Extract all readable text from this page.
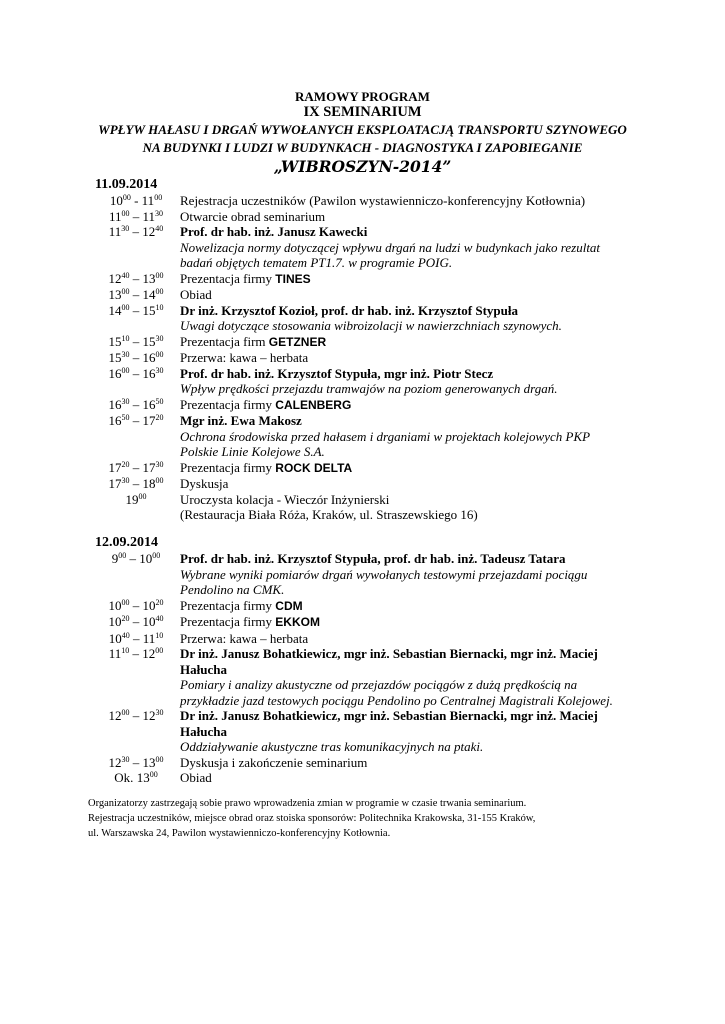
RAMOWY PROGRAM
IX SEMINARIUM
WPŁYW HAŁASU I DRGAŃ WYWOŁANYCH EKSPLOATACJĄ TRANSPORTU SZYNOWEGO
NA BUDYNKI I LUDZI W BUDYNKACH - DIAGNOSTYKA I ZAPOBIEGANIE
„WIBROSZYN-2014”
11.09.2014
$10^{00} - 11^{00}$	Rejestracja uczestników (Pawilon wystawienniczo-konferencyjny Kotłownia)
$11^{00} - 11^{30}$	Otwarcie obrad seminarium
$11^{30} - 12^{40}$	Prof. dr hab. inż. Janusz Kawecki
Nowelizacja normy dotyczącej wpływu drgań na ludzi w budynkach jako rezultat
badań objętych tematem PT1.7. w programie POIG.
$12^{40} - 13^{00}$	Prezentacja firmy TINES
$13^{00} - 14^{00}$	Obiad
$14^{00} - 15^{10}$	Dr inż. Krzysztof Kozioł, prof. dr hab. inż. Krzysztof Stypuła
Uwagi dotyczące stosowania wibroizolacji w nawierzchniach szynowych.
$15^{10} - 15^{30}$	Prezentacja firm GETZNER
$15^{30} - 16^{00}$	Przerwa: kawa – herbata
$16^{00} - 16^{30}$	Prof. dr hab. inż. Krzysztof Stypuła, mgr inż. Piotr Stecz
Wpływ prędkości przejazdu tramwajów na poziom generowanych drgań.
$16^{30} - 16^{50}$	Prezentacja firmy CALENBERG
$16^{50} - 17^{20}$	Mgr inż. Ewa Makosz
Ochrona środowiska przed hałasem i drganiami w projektach kolejowych PKP
Polskie Linie Kolejowe S.A.
$17^{20} - 17^{30}$	Prezentacja firmy ROCK DELTA
$17^{30} - 18^{00}$	Dyskusja
$19^{00}$	Uroczysta kolacja - Wieczór Inżynierski
(Restauracja Biała Róża, Kraków, ul. Straszewskiego 16)
12.09.2014
$9^{00} - 10^{00}$	Prof. dr hab. inż. Krzysztof Stypuła, prof. dr hab. inż. Tadeusz Tatara
Wybrane wyniki pomiarów drgań wywołanych testowymi przejazdami pociągu
Pendolino na CMK.
$10^{00} - 10^{20}$	Prezentacja firmy CDM
$10^{20} - 10^{40}$	Prezentacja firmy EKKOM
$10^{40} - 11^{10}$	Przerwa: kawa – herbata
$11^{10} - 12^{00}$	Dr inż. Janusz Bohatkiewicz, mgr inż. Sebastian Biernacki, mgr inż. Maciej
Hałucha
Pomiary i analizy akustyczne od przejazdów pociągów z dużą prędkością na
przykładzie jazd testowych pociągu Pendolino po Centralnej Magistrali Kolejowej.
$12^{00} - 12^{30}$	Dr inż. Janusz Bohatkiewicz, mgr inż. Sebastian Biernacki, mgr inż. Maciej
Hałucha
Oddziaływanie akustyczne tras komunikacyjnych na ptaki.
$12^{30} - 13^{00}$	Dyskusja i zakończenie seminarium
Ok. $13^{00}$	Obiad
Organizatorzy zastrzegają sobie prawo wprowadzenia zmian w programie w czasie trwania seminarium.
Rejestracja uczestników, miejsce obrad oraz stoiska sponsorów: Politechnika Krakowska, 31-155 Kraków,
ul. Warszawska 24, Pawilon wystawienniczo-konferencyjny Kotłownia.
